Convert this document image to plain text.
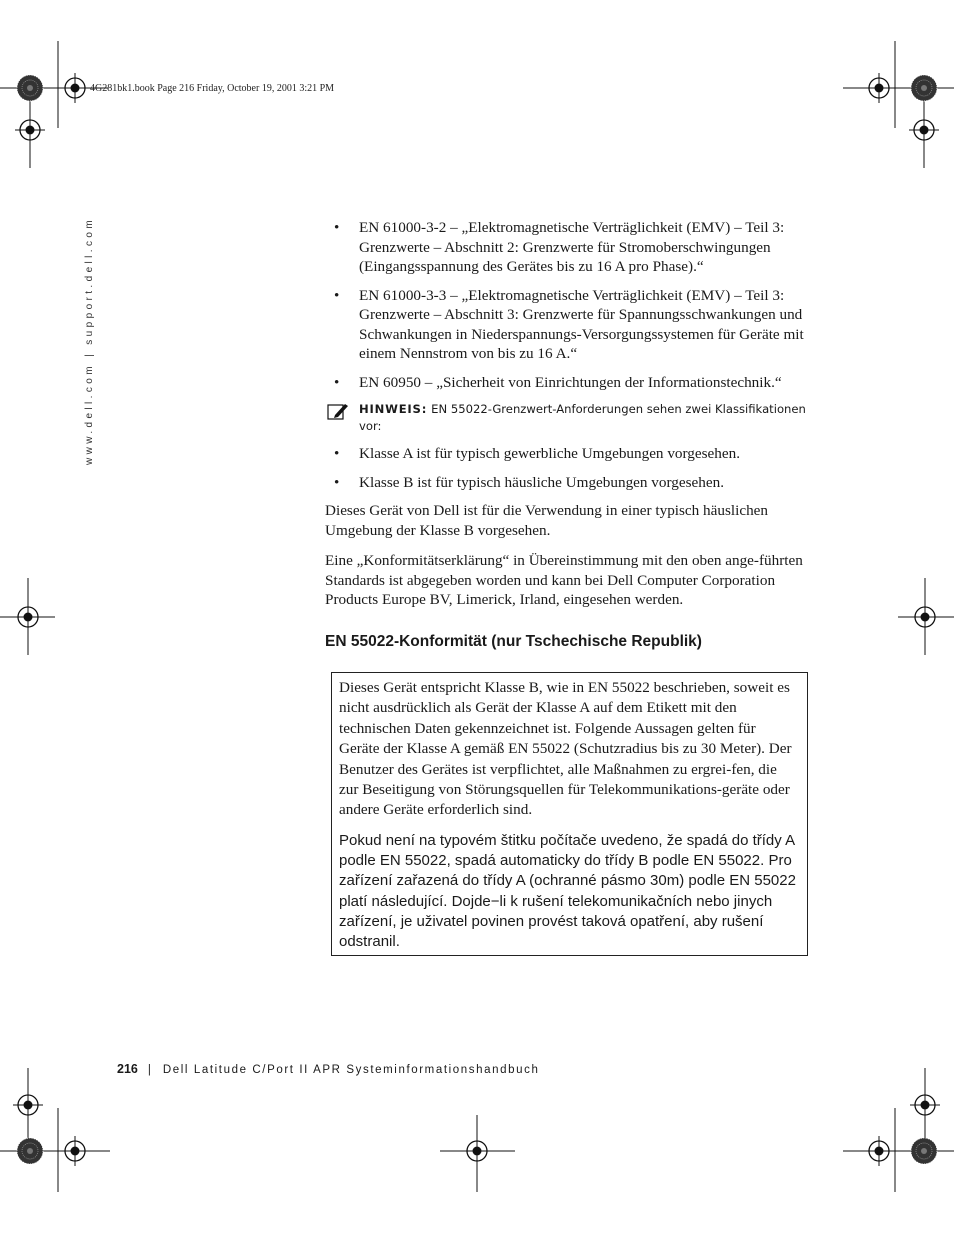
4G281bk1.book Page 216 Friday, October 19, 2001 3:21 PM
www.dell.com | support.dell.com	• EN 61000-3-2 – „Elektromagnetische Verträglichkeit (EMV) – Teil 3: Grenzwerte – Abschnitt 2: Grenzwerte für Stromoberschwingungen (Eingangsspannung des Gerätes bis zu 16 A pro Phase).“
• EN 61000-3-3 – „Elektromagnetische Verträglichkeit (EMV) – Teil 3: Grenzwerte – Abschnitt 3: Grenzwerte für Spannungsschwankungen und Schwankungen in Niederspannungs-Versorgungssystemen für Geräte mit einem Nennstrom von bis zu 16 A.“
• EN 60950 – „Sicherheit von Einrichtungen der Informationstechnik.“
HINWEIS: EN 55022-Grenzwert-Anforderungen sehen zwei Klassifikationen vor:
• Klasse A ist für typisch gewerbliche Umgebungen vorgesehen.
• Klasse B ist für typisch häusliche Umgebungen vorgesehen.

Dieses Gerät von Dell ist für die Verwendung in einer typisch häuslichen Umgebung der Klasse B vorgesehen.

Eine „Konformitätserklärung“ in Übereinstimmung mit den oben ange-führten Standards ist abgegeben worden und kann bei Dell Computer Corporation Products Europe BV, Limerick, Irland, eingesehen werden.

EN 55022-Konformität (nur Tschechische Republik)

Dieses Gerät entspricht Klasse B, wie in EN 55022 beschrieben, soweit es nicht ausdrücklich als Gerät der Klasse A auf dem Etikett mit den technischen Daten gekennzeichnet ist. Folgende Aussagen gelten für Geräte der Klasse A gemäß EN 55022 (Schutzradius bis zu 30 Meter). Der Benutzer des Gerätes ist verpflichtet, alle Maßnahmen zu ergrei-fen, die zur Beseitigung von Störungsquellen für Telekommunikations-geräte oder andere Geräte erforderlich sind.

Pokud není na typovém štitku počítače uvedeno, že spadá do třídy A podle EN 55022, spadá automaticky do třídy B podle EN 55022. Pro zařízení zařazená do třídy A (ochranné pásmo 30m) podle EN 55022 platí následující. Dojde−li k rušení telekomunikačních nebo jinych zařízení, je uživatel povinen provést taková opatření, aby rušení odstranil.

216 | Dell Latitude C/Port II APR Systeminformationshandbuch
